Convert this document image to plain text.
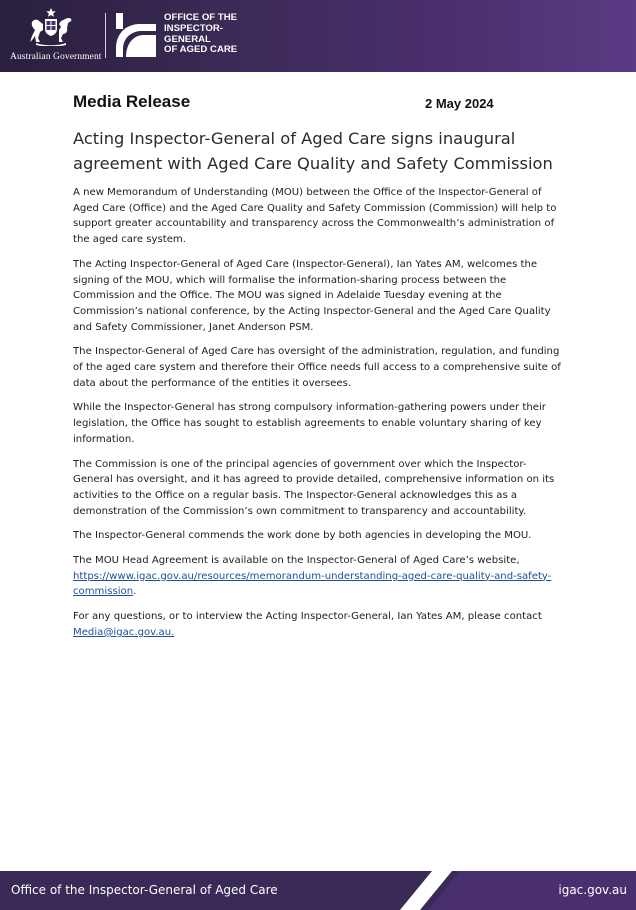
Australian Government
OFFICE OF THE
INSPECTOR-
GENERAL
OF AGED CARE
Media Release	2 May 2024
Acting Inspector-General of Aged Care signs inaugural agreement with Aged Care Quality and Safety Commission

A new Memorandum of Understanding (MOU) between the Office of the Inspector-General of Aged Care (Office) and the Aged Care Quality and Safety Commission (Commission) will help to support greater accountability and transparency across the Commonwealth’s administration of the aged care system.

The Acting Inspector-General of Aged Care (Inspector-General), Ian Yates AM, welcomes the signing of the MOU, which will formalise the information-sharing process between the Commission and the Office. The MOU was signed in Adelaide Tuesday evening at the Commission’s national conference, by the Acting Inspector-General and the Aged Care Quality and Safety Commissioner, Janet Anderson PSM.

The Inspector-General of Aged Care has oversight of the administration, regulation, and funding of the aged care system and therefore their Office needs full access to a comprehensive suite of data about the performance of the entities it oversees.

While the Inspector-General has strong compulsory information-gathering powers under their legislation, the Office has sought to establish agreements to enable voluntary sharing of key information.

The Commission is one of the principal agencies of government over which the Inspector-General has oversight, and it has agreed to provide detailed, comprehensive information on its activities to the Office on a regular basis. The Inspector-General acknowledges this as a demonstration of the Commission’s own commitment to transparency and accountability.

The Inspector-General commends the work done by both agencies in developing the MOU.

The MOU Head Agreement is available on the Inspector-General of Aged Care’s website, https://www.igac.gov.au/resources/memorandum-understanding-aged-care-quality-and-safety-commission.

For any questions, or to interview the Acting Inspector-General, Ian Yates AM, please contact Media@igac.gov.au.

Office of the Inspector-General of Aged Care	igac.gov.au
